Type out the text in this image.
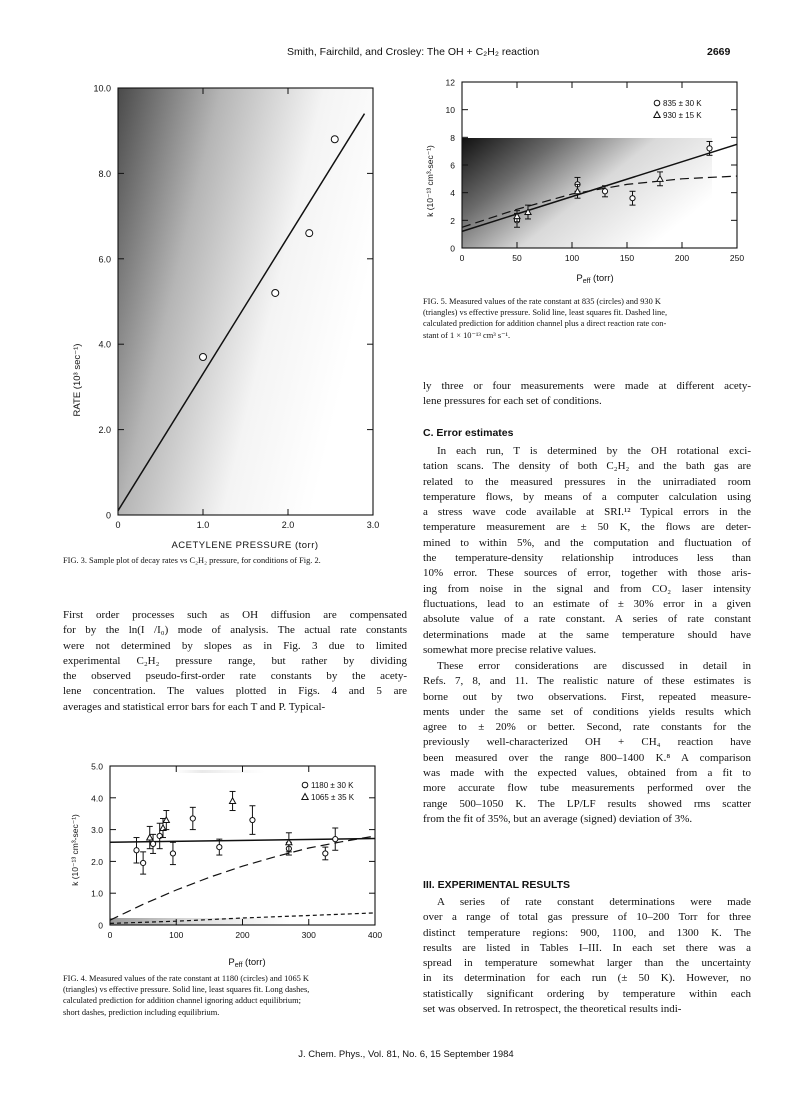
Smith, Fairchild, and Crosley: The OH + C₂H₂ reaction	2669
0	1.0	2.0	3.0
0
2.0
4.0
6.0
8.0
10.0
ACETYLENE PRESSURE (torr)
RATE (10³ sec⁻¹)

FIG. 3. Sample plot of decay rates vs C₂H₂ pressure, for conditions of Fig. 2.

First order processes such as OH diffusion are compensated
for by the ln(I /I₀) mode of analysis. The actual rate constants
were not determined by slopes as in Fig. 3 due to limited
experimental C₂H₂ pressure range, but rather by dividing
the observed pseudo-first-order rate constants by the acety-
lene concentration. The values plotted in Figs. 4 and 5 are
averages and statistical error bars for each T and P. Typical-
0	100	200	300	400
0
1.0
2.0
3.0
4.0
5.0
1180 ± 30 K
1065 ± 35 K
$P_{eff}$ (torr)
k (10⁻¹³ cm³-sec⁻¹)
FIG. 4. Measured values of the rate constant at 1180 (circles) and 1065 K
(triangles) vs effective pressure. Solid line, least squares fit. Long dashes,
calculated prediction for addition channel ignoring adduct equilibrium;
short dashes, prediction including equilibrium.
0	50	100	150	200	250
0
2
4
6
8
10
12
835 ± 30 K
930 ± 15 K
$P_{eff}$ (torr)
k (10⁻¹³ cm³-sec⁻¹)
FIG. 5. Measured values of the rate constant at 835 (circles) and 930 K
(triangles) vs effective pressure. Solid line, least squares fit. Dashed line,
calculated prediction for addition channel plus a direct reaction rate con-
stant of 1 × 10⁻¹³ cm³ s⁻¹.
ly three or four measurements were made at different acety-
lene pressures for each set of conditions.
C. Error estimates
In each run, T is determined by the OH rotational exci-
tation scans. The density of both C₂H₂ and the bath gas are
related to the measured pressures in the unirradiated room
temperature flows, by means of a computer calculation using
a stress wave code available at SRI.¹² Typical errors in the
temperature measurement are ± 50 K, the flows are deter-
mined to within 5%, and the computation and fluctuation of
the temperature-density relationship introduces less than
10% error. These sources of error, together with those aris-
ing from noise in the signal and from CO₂ laser intensity
fluctuations, lead to an estimate of ± 30% error in a given
absolute value of a rate constant. A series of rate constant
determinations made at the same temperature should have
somewhat more precise relative values.
These error considerations are discussed in detail in
Refs. 7, 8, and 11. The realistic nature of these estimates is
borne out by two observations. First, repeated measure-
ments under the same set of conditions yields results which
agree to ± 20% or better. Second, rate constants for the
previously well-characterized OH + CH₄ reaction have
been measured over the range 800–1400 K.⁸ A comparison
was made with the expected values, obtained from a fit to
more accurate flow tube measurements performed over the
range 500–1050 K. The LP/LF results showed rms scatter
from the fit of 35%, but an average (signed) deviation of 3%.
III. EXPERIMENTAL RESULTS
A series of rate constant determinations were made
over a range of total gas pressure of 10–200 Torr for three
distinct temperature regions: 900, 1100, and 1300 K. The
results are listed in Tables I–III. In each set there was a
spread in temperature somewhat larger than the uncertainty
in its determination for each run (± 50 K). However, no
statistically significant ordering by temperature within each
set was observed. In retrospect, the theoretical results indi-
J. Chem. Phys., Vol. 81, No. 6, 15 September 1984
